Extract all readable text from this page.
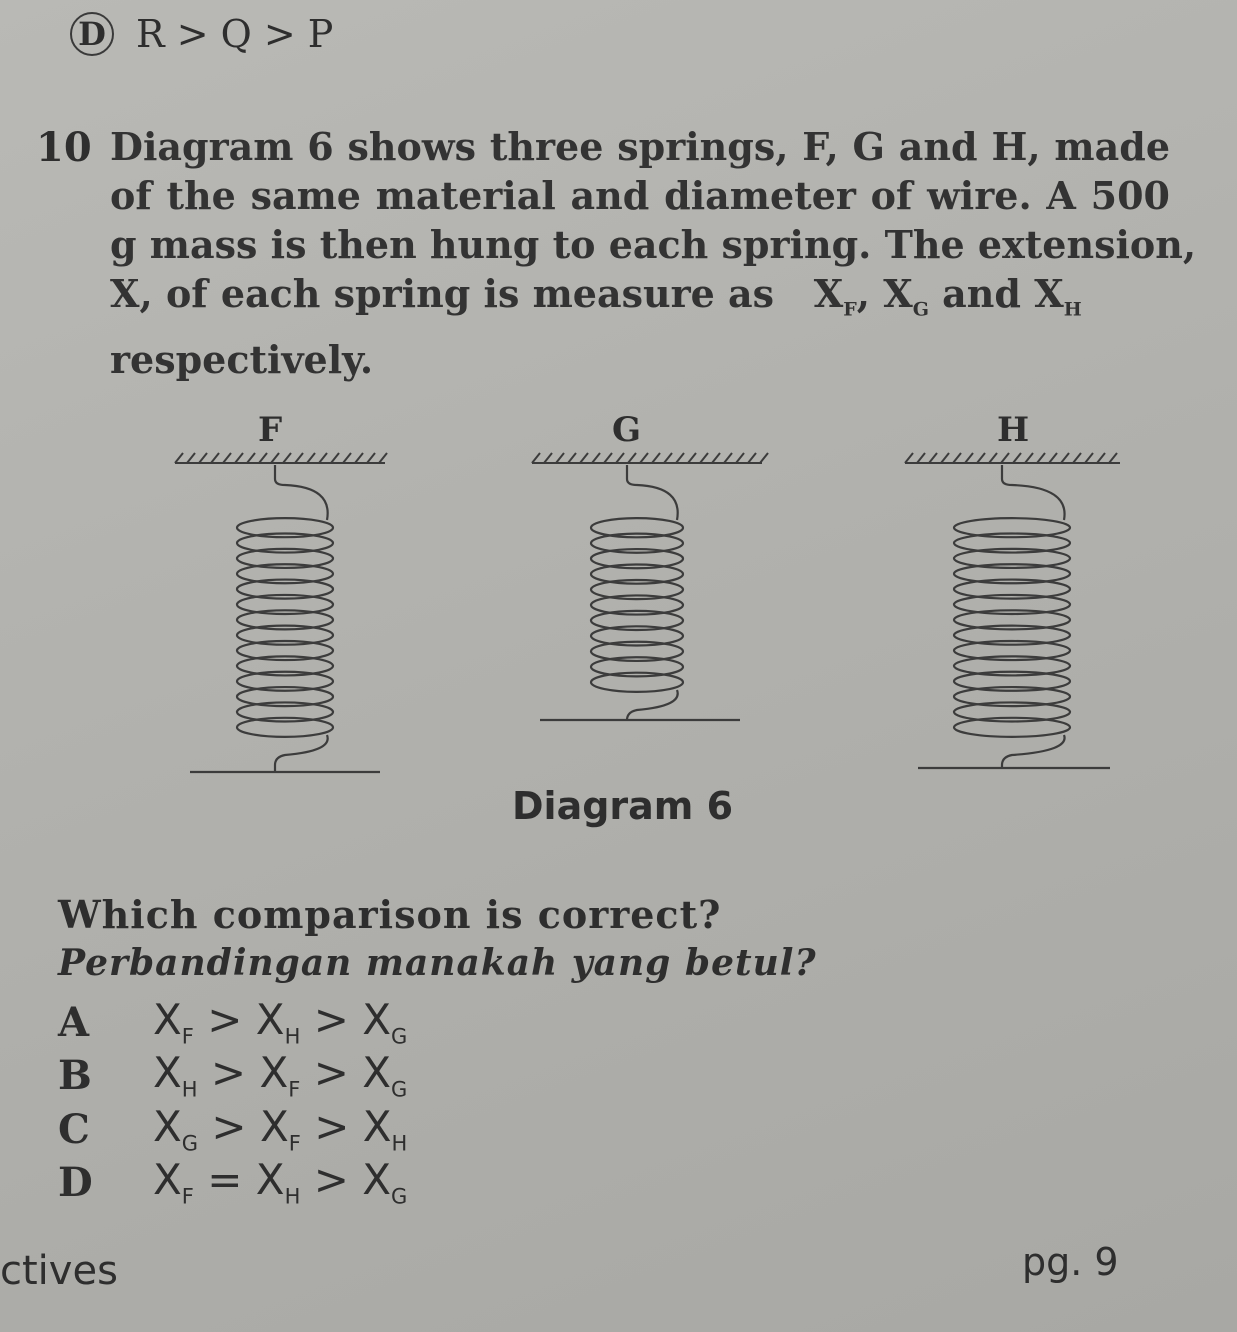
D R > Q > P
10 Diagram 6 shows three springs, F, G and H, made
of the same material and diameter of wire. A 500
g mass is then hung to each spring. The extension,
X, of each spring is measure as $X_F$, $X_G$ and $X_H$
respectively.
F	G	H
Diagram 6
Which comparison is correct?
Perbandingan manakah yang betul?
A	$X_F > X_H > X_G$
B	$X_H > X_F > X_G$
C	$X_G > X_F > X_H$
D	$X_F = X_H > X_G$
ctives	pg. 9
